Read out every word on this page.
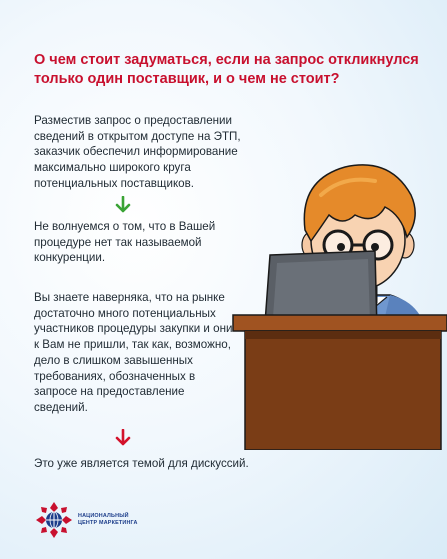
О чем стоит задуматься, если на запрос откликнулся только один поставщик, и о чем не стоит?

Разместив запрос о предоставлении сведений в открытом доступе на ЭТП, заказчик обеспечил информирование максимально широкого круга потенциальных поставщиков.

Не волнуемся о том, что в Вашей процедуре нет так называемой конкуренции.

Вы знаете наверняка, что на рынке достаточно много потенциальных участников процедуры закупки и они к Вам не пришли, так как, возможно, дело в слишком завышенных требованиях, обозначенных в запросе на предоставление сведений.

Это уже является темой для дискуссий.

НАЦИОНАЛЬНЫЙ
ЦЕНТР МАРКЕТИНГА
